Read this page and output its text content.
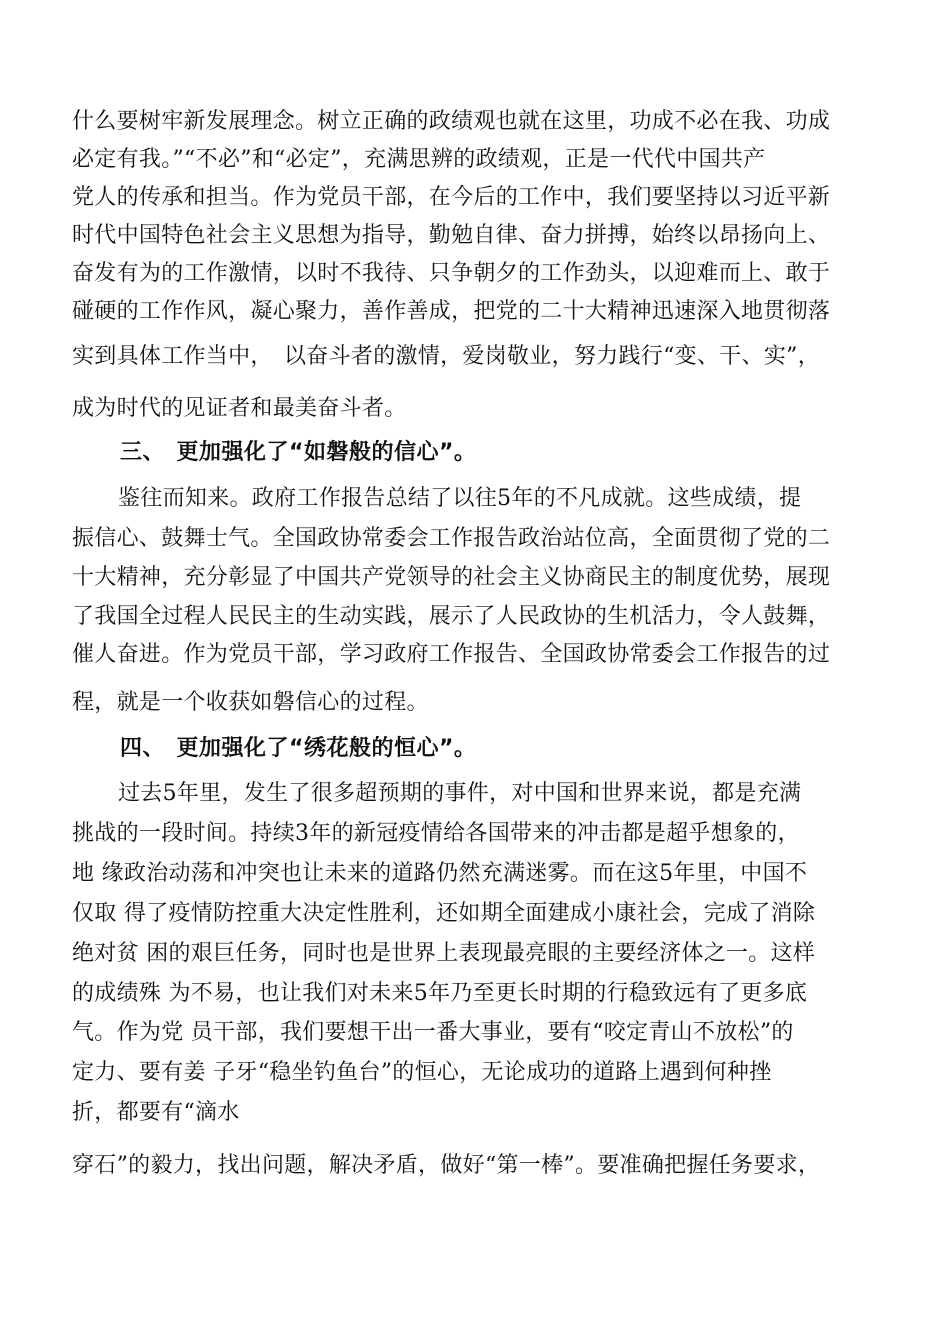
什么要树牢新发展理念。树立正确的政绩观也就在这里，功成不必在我、功成
必定有我。”“不必”和“必定”，充满思辨的政绩观，正是一代代中国共产
党人的传承和担当。作为党员干部，在今后的工作中，我们要坚持以习近平新
时代中国特色社会主义思想为指导，勤勉自律、奋力拼搏，始终以昂扬向上、
奋发有为的工作激情，以时不我待、只争朝夕的工作劲头，以迎难而上、敢于
碰硬的工作作风，凝心聚力，善作善成，把党的二十大精神迅速深入地贯彻落
实到具体工作当中，　以奋斗者的激情，爱岗敬业，努力践行“变、干、实”，
成为时代的见证者和最美奋斗者。
三、　更加强化了“如磐般的信心”。
鉴往而知来。政府工作报告总结了以往5年的不凡成就。这些成绩，提
振信心、鼓舞士气。全国政协常委会工作报告政治站位高，全面贯彻了党的二
十大精神，充分彰显了中国共产党领导的社会主义协商民主的制度优势，展现
了我国全过程人民民主的生动实践，展示了人民政协的生机活力，令人鼓舞，
催人奋进。作为党员干部，学习政府工作报告、全国政协常委会工作报告的过
程，就是一个收获如磐信心的过程。
四、　更加强化了“绣花般的恒心”。
过去5年里，发生了很多超预期的事件，对中国和世界来说，都是充满
挑战的一段时间。持续3年的新冠疫情给各国带来的冲击都是超乎想象的，
地 缘政治动荡和冲突也让未来的道路仍然充满迷雾。而在这5年里，中国不
仅取 得了疫情防控重大决定性胜利，还如期全面建成小康社会，完成了消除
绝对贫 困的艰巨任务，同时也是世界上表现最亮眼的主要经济体之一。这样
的成绩殊 为不易，也让我们对未来5年乃至更长时期的行稳致远有了更多底
气。作为党 员干部，我们要想干出一番大事业，要有“咬定青山不放松”的
定力、要有姜 子牙“稳坐钓鱼台”的恒心，无论成功的道路上遇到何种挫
折，都要有“滴水
穿石”的毅力，找出问题，解决矛盾，做好“第一棒”。要准确把握任务要求，
